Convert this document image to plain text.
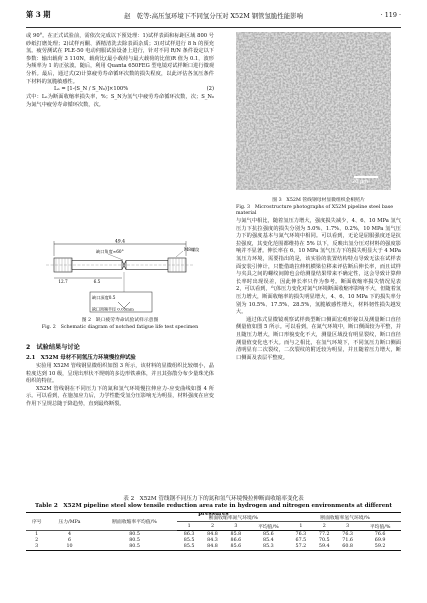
第 3 期	赵　乾等:高压氢环境下不同氢分压对 X52M 钢管氢脆性能影响	· 119 ·

或 90°。在正式试验前，需依次完成以下预处理：1)试样表面和标距区域 800 号砂纸打磨处理；2)试样丙酮、酒精清洗去除表面杂质；3)对试样进行 8 h 的预充氢。疲劳测试在 PLE-50 电动伺服试验设备上进行，针对不同 R/N 条件设定以下参数：输出载荷 3 110N，载荷比(最小载荷与最大载荷的比值)R 值为 0.1，波形为频率为 1 的正弦波。随后，利用 Quanta 650FEG 型电镜对试样断口进行微观分析。最后，通过式(2)计算疲劳寿命循环次数的损失程度，以此评估各氢压条件下材料的氢脆敏感性。

Lₙ = [1-(S_N / S_N₀)]×100%	(2)

式中：Lₙ为断面收缩率损失率，%；S_N为氢气中疲劳寿命循环次数，次；S_N₀为氮气中疲劳寿命循环次数，次。

49.4
缺口角度≈60°	M8螺纹
12.7	6.5
缺口深度0.5
缺口顶端半径 0.05mm
图 2　缺口疲劳寿命试验试样示意图
Fig. 2　Schematic diagram of notched fatigue life test specimen
2　试验结果与讨论
2.1　X52M 母材不同氢压力环境慢拉伸试验

实验用 X52M 管线钢显微组织如图 3 所示，该材料的显微组织比较细小，晶粒度达到 10 级，呈现出形状不规则的多边形铁素体，并且其弥散分布少量珠光体组织的特征。

X52M 管线钢在不同压力下的氮和氢气环境慢拉伸应力-应变曲线如图 4 所示。可以看到，在施加应力后，力学性能受氢分压影响无为明显，材料强度在应变作用下呈规总随于降趋势，直到最终断裂。

20 μm
图 3　X52M 管线钢母材显微组织金相照片
Fig. 3　Microstructure photographs of X52M pipeline steel base material

与氮气中相比，随着氢压力增大，强度损失减少，4、6、10 MPa 氢气压力下抗拉强度的损失分别为 5.0%、1.7%、0.2%，10 MPa 氢气压力下的强度基本与氮气环境中相同。可以看到，无论是屈服强度还是抗拉强度，其变化范围都维持在 5% 以下，反映出氢分压对材料的强度影响并不显著。伸长率在 6、10 MPa 氢气压力下的损失明显大于 4 MPa 氢压力环境，需要指出的是，该实验的装置结构特点导致无法在试样表面安装引伸计，只能借助拉伸机横梁位移来评估断后伸长率，而且试样与夹具之间的螺纹间隙也会给测量结果带来不确定性，这会导致计算伸长率时出现误差，因此伸长率只作为参考。断面收缩率损失情况见表 2，可以看到，气体压力变化对氮气环境断面收缩率影响不大，但随着氢压力增大，断面收缩率的损失明显增大，4、6、10 MPa 下的损失率分别为 10.5%、17.5%、28.5%，氢脆敏感性增大，材料韧性损失越发大。

通过体式显微镜观察试样典型断口侧面宏观形貌以及测量断口直径侧量值如图 5 所示。可以看到，在氮气环境中，断口侧面较为平整，并且随压力增大，断口形貌变化不大，测量区域没有明显裂纹，断口直径测量值变化也不大。而与之相比，在氢气环境下，不同氢压力断口侧面清明显有二次裂纹，二次裂纹的附近较为明显，并且随着压力增大，断口侧面及表层平整度。

表 2　X52M 管线钢不同压力下的氮和氢气环境慢拉伸断面收缩率变化表
Table 2　X52M pipeline steel slow tensile reduction area rate in hydrogen and nitrogen environments at different pressures
序号	压力/MPa	断面收缩率平均值/%	断面收缩率氮气环境/%				断面收缩率氢气环境/%			
			1	2	3	平均值/%	1	2	3	平均值/%
1	4	80.5	86.3	84.8	85.8	85.6	76.3	77.2	76.3	76.6
2	6	80.5	85.5	84.3	86.6	85.4	67.5	70.5	71.6	69.9
3	10	80.5	85.5	84.8	85.6	85.3	57.2	59.4	60.8	59.2
